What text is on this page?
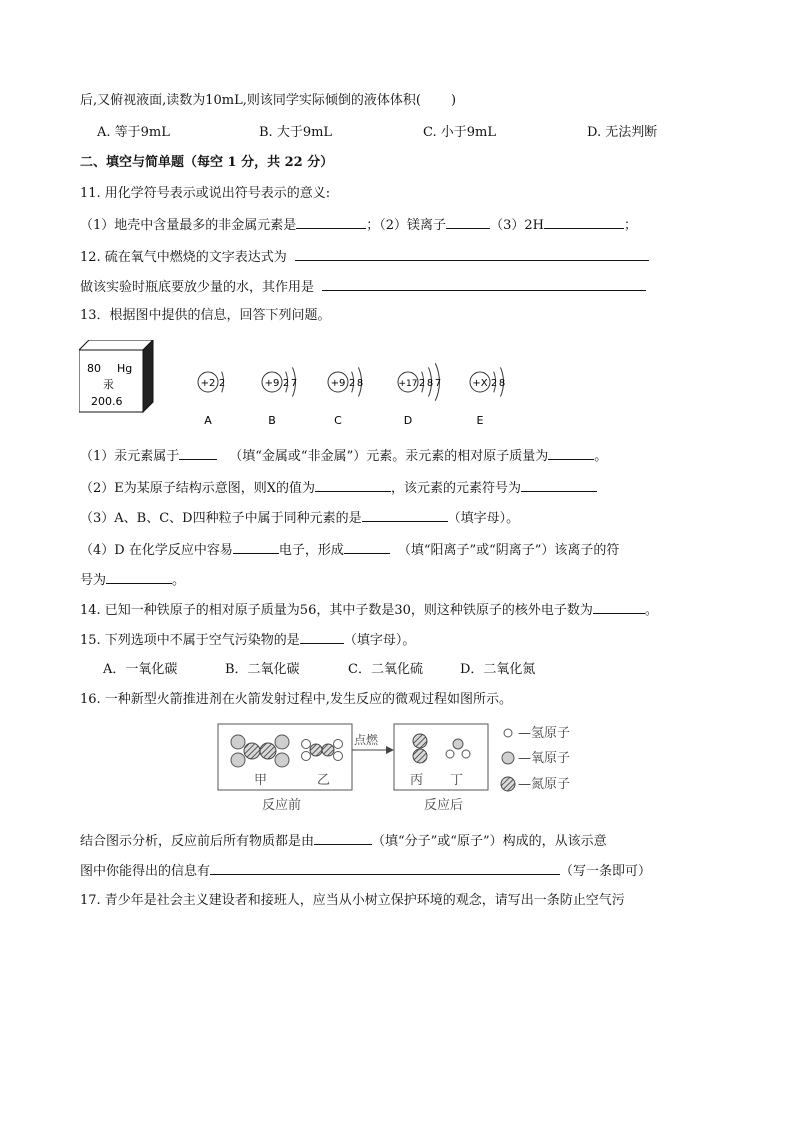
后,又俯视液面,读数为10mL,则该同学实际倾倒的液体体积( )
A. 等于9mL	B. 大于9mL	C. 小于9mL	D. 无法判断
二、填空与简单题（每空 1 分，共 22 分）
11. 用化学符号表示或说出符号表示的意义:
（1）地壳中含量最多的非金属元素是	；（2）镁离子	（3）2H	；
12. 硫在氧气中燃烧的文字表达式为
做该实验时瓶底要放少量的水，其作用是
13．根据图中提供的信息，回答下列问题。
80 Hg
汞
200.6
+2 2
A
+9 2 7
B
+9 2 8
C
+17 2 8 7
D
+X 2 8
E
（1）汞元素属于	（填“金属或“非金属”）元素。汞元素的相对原子质量为	。
（2）E为某原子结构示意图，则X的值为	，该元素的元素符号为
（3）A、B、C、D四种粒子中属于同种元素的是	（填字母）。
（4）D 在化学反应中容易	电子，形成	（填“阳离子”或“阴离子”）该离子的符
号为	。
14. 已知一种铁原子的相对原子质量为56，其中子数是30，则这种铁原子的核外电子数为	。
15. 下列选项中不属于空气污染物的是	（填字母）。
A．一氧化碳	B．二氧化碳	C．二氧化硫	D．二氧化氮
16. 一种新型火箭推进剂在火箭发射过程中,发生反应的微观过程如图所示。
甲	乙
反应前
点燃
丙 丁
反应后
—氢原子
—氧原子
—氮原子
结合图示分析，反应前后所有物质都是由	（填“分子”或“原子”）构成的，从该示意
图中你能得出的信息有	（写一条即可）
17. 青少年是社会主义建设者和接班人，应当从小树立保护环境的观念，请写出一条防止空气污
